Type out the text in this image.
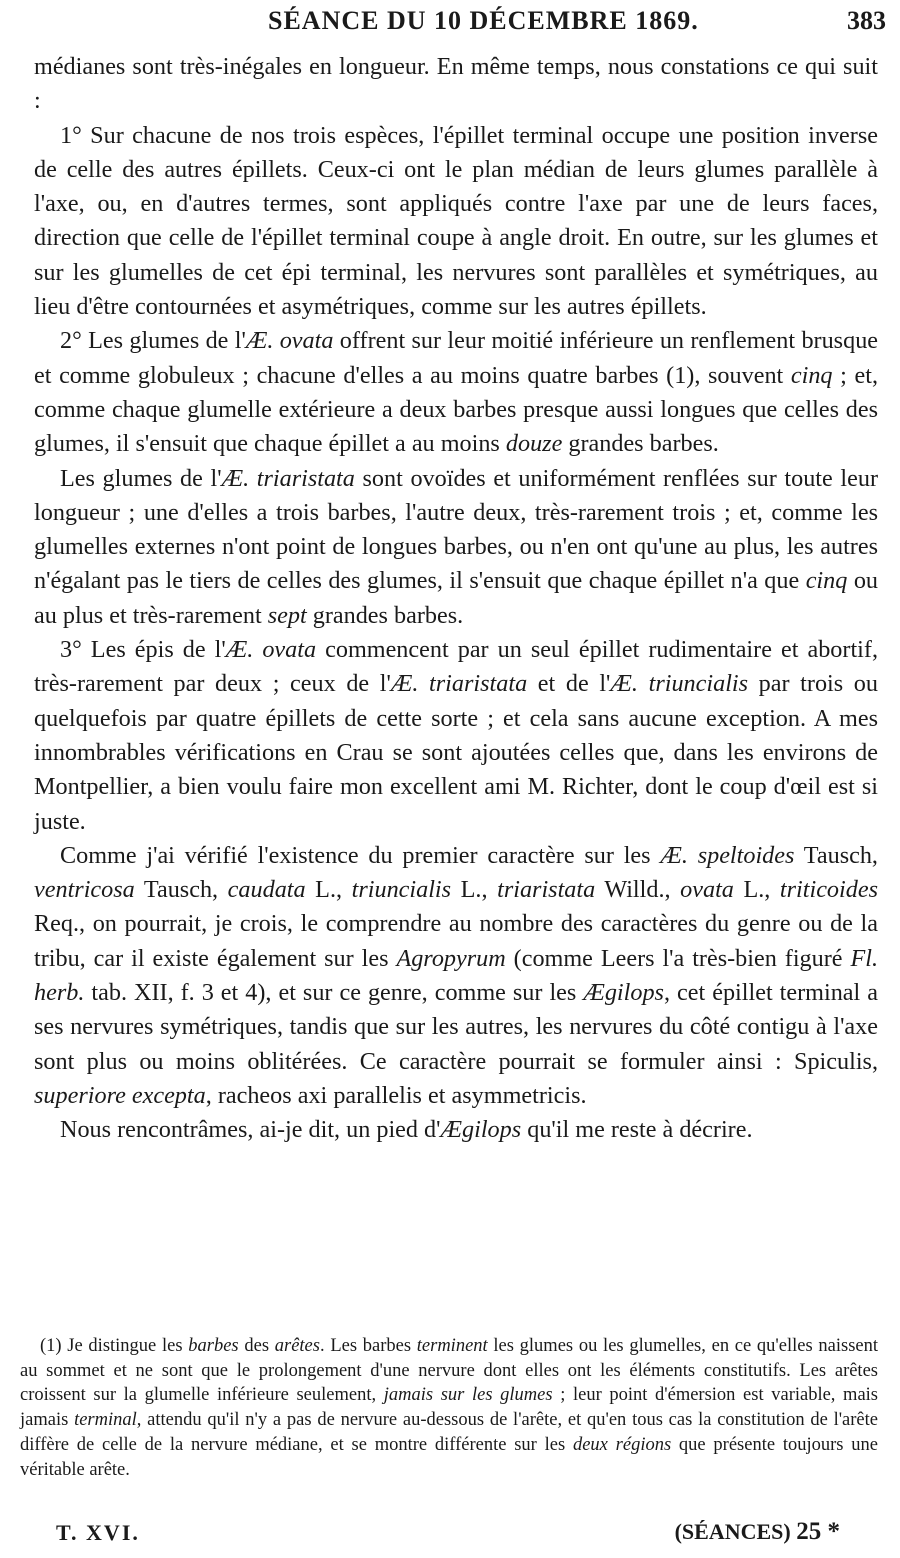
SÉANCE DU 10 DÉCEMBRE 1869.	383

médianes sont très-inégales en longueur. En même temps, nous constations ce qui suit :

1° Sur chacune de nos trois espèces, l'épillet terminal occupe une position inverse de celle des autres épillets. Ceux-ci ont le plan médian de leurs glumes parallèle à l'axe, ou, en d'autres termes, sont appliqués contre l'axe par une de leurs faces, direction que celle de l'épillet terminal coupe à angle droit. En outre, sur les glumes et sur les glumelles de cet épi terminal, les nervures sont parallèles et symétriques, au lieu d'être contournées et asymétriques, comme sur les autres épillets.

2° Les glumes de l'Æ. ovata offrent sur leur moitié inférieure un renflement brusque et comme globuleux ; chacune d'elles a au moins quatre barbes (1), souvent cinq ; et, comme chaque glumelle extérieure a deux barbes presque aussi longues que celles des glumes, il s'ensuit que chaque épillet a au moins douze grandes barbes.

Les glumes de l'Æ. triaristata sont ovoïdes et uniformément renflées sur toute leur longueur ; une d'elles a trois barbes, l'autre deux, très-rarement trois ; et, comme les glumelles externes n'ont point de longues barbes, ou n'en ont qu'une au plus, les autres n'égalant pas le tiers de celles des glumes, il s'ensuit que chaque épillet n'a que cinq ou au plus et très-rarement sept grandes barbes.

3° Les épis de l'Æ. ovata commencent par un seul épillet rudimentaire et abortif, très-rarement par deux ; ceux de l'Æ. triaristata et de l'Æ. triuncialis par trois ou quelquefois par quatre épillets de cette sorte ; et cela sans aucune exception. A mes innombrables vérifications en Crau se sont ajoutées celles que, dans les environs de Montpellier, a bien voulu faire mon excellent ami M. Richter, dont le coup d'œil est si juste.

Comme j'ai vérifié l'existence du premier caractère sur les Æ. speltoides Tausch, ventricosa Tausch, caudata L., triuncialis L., triaristata Willd., ovata L., triticoides Req., on pourrait, je crois, le comprendre au nombre des caractères du genre ou de la tribu, car il existe également sur les Agropyrum (comme Leers l'a très-bien figuré Fl. herb. tab. XII, f. 3 et 4), et sur ce genre, comme sur les Ægilops, cet épillet terminal a ses nervures symétriques, tandis que sur les autres, les nervures du côté contigu à l'axe sont plus ou moins oblitérées. Ce caractère pourrait se formuler ainsi : Spiculis, superiore excepta, racheos axi parallelis et asymmetricis.

Nous rencontrâmes, ai-je dit, un pied d'Ægilops qu'il me reste à décrire.

(1) Je distingue les barbes des arêtes. Les barbes terminent les glumes ou les glumelles, en ce qu'elles naissent au sommet et ne sont que le prolongement d'une nervure dont elles ont les éléments constitutifs. Les arêtes croissent sur la glumelle inférieure seulement, jamais sur les glumes ; leur point d'émersion est variable, mais jamais terminal, attendu qu'il n'y a pas de nervure au-dessous de l'arête, et qu'en tous cas la constitution de l'arête diffère de celle de la nervure médiane, et se montre différente sur les deux régions que présente toujours une véritable arête.

T. XVI.	(SÉANCES) 25 *
